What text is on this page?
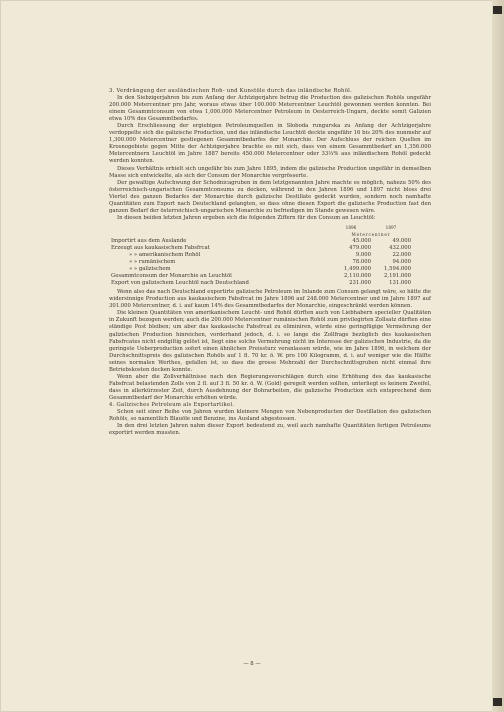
3. Verdrängung der ausländischen Roh- und Kunstöle durch das inländische Rohöl.

In den Siebzigerjahren bis zum Anfang der Achtzigerjahre betrug die Production des galizischen Rohöls ungefähr 200.000 Metercentner pro Jahr, woraus etwas über 100.000 Metercentner Leuchtöl gewonnen werden konnten. Bei einem Gesammtconsum von etwa 1,000.000 Metercentner Petroleum in Oesterreich-Ungarn, deckte somit Galizien etwa 10% des Gesammtbedarfes.

Durch Erschliessung der ergiebigen Petroleumquellen in Słoboda rungurska zu Anfang der Achtzigerjahre verdoppelte sich die galizische Production, und das inländische Leuchtöl deckte ungefähr 16 bis 20% des nunmehr auf 1,300.000 Metercentner gestiegenen Gesammtbedarfes der Monarchie. Der Aufschluss der reichen Quellen im Krosnogebiete gegen Mitte der Achtzigerjahre brachte es mit sich, dass von einem Gesammtbedarf an 1,356.000 Metercentnern Leuchtöl im Jahre 1887 bereits 450.000 Metercentner oder 33⅓% aus inländischem Rohöl gedeckt werden konnten.

Dieses Verhältnis erhielt sich ungefähr bis zum Jahre 1895, indem die galizische Production ungefähr in demselben Masse sich entwickelte, als sich der Consum der Monarchie vergrösserte.

Der gewaltige Aufschwung der Schodnicagruben in dem letztgenannten Jahre machte es möglich, nahezu 50% des österreichisch-ungarischen Gesammtconsums zu decken, während in den Jahren 1896 und 1897 nicht bloss drei Viertel des ganzen Bedarfes der Monarchie durch galizische Destillate gedeckt wurden, sondern noch namhafte Quantitäten zum Export nach Deutschland gelangten, so dass ohne diesen Export die galizische Production fast den ganzen Bedarf der österreichisch-ungarischen Monarchie zu befriedigen im Stande gewesen wäre.

In diesen beiden letzten Jahren ergeben sich die folgenden Ziffern für den Consum an Leuchtöl:

	1896	1897
	Metercentner	
Importirt aus dem Auslande	45.000	49.000
Erzeugt aus kaukasischem Fabsfrcat	479.000	432.000
» » amerikanischem Rohöl	9.000	22.000
» » rumänischem	78.000	94.000
» » galizischem	1,499.000	1,594.000
Gesammtconsum der Monarchie an Leuchtöl	2,110.000	2,191.000
Export von galizischem Leuchtöl nach Deutschland	231.000	131.000

Wenn also das nach Deutschland exportirte galizische Petroleum im Inlande zum Consum gelangt wäre, so hätte die widersinnige Production aus kaukasischem Fabsfrcat im Jahre 1896 auf 248.000 Metercentner und im Jahre 1897 auf 301.000 Metercentner, d. i. auf kaum 14% des Gesammtbedarfes der Monarchie, eingeschränkt werden können.

Die kleinen Quantitäten von amerikanischem Leucht- und Rohöl dürften auch von Liebhabern specieller Qualitäten in Zukunft bezogen werden; auch die 200.000 Metercentner rumänischen Rohöl zum privilegirten Zollsatz dürften eine ständige Post bleiben; um aber das kaukasische Fabsfrcat zu eliminiren, würde eine geringfügige Vermehrung der galizischen Production hinreichen, vorderhand jedoch, d. i. so lange die Zollfrage bezüglich des kaukasischen Fabsfrcates nicht endgiltig gelöst ist, liegt eine solche Vermehrung nicht im Interesse der galizischen Industrie, da die geringste Ueberproduction sofort einen ähnlichen Preissturz veranlassen würde, wie im Jahre 1896, in welchem der Durchschnittspreis des galizischen Rohöls auf 1 fl. 70 kr. ö. W. pro 100 Kilogramm, d. i. auf weniger wie die Hälfte seines normalen Werthes, gefallen ist, so dass die grosse Mehrzahl der Durchschnittsgruben nicht einmal ihre Betriebskosten decken konnte.

Wenn aber die Zollverhältnisse nach den Regierungsvorschlägen durch eine Erhöhung des das kaukasische Fabsfrcat belastenden Zolls von 2 fl. auf 3 fl. 50 kr. ö. W. (Gold) geregelt werden sollten, unterliegt es keinem Zweifel, dass in allerkürzester Zeit, durch Ausdehnung der Bohrarbeiten, die galizische Production sich entsprechend dem Gesammtbedarf der Monarchie erhöhen würde.

4. Galizisches Petroleum als Exportartikel.

Schon seit einer Reihe von Jahren wurden kleinere Mengen von Nebenproducten der Destillation des galizischen Rohöls, so namentlich Blauöle und Benzine, ins Ausland abgestossen.

In den drei letzten Jahren nahm dieser Export bedeutend zu, weil auch namhafte Quantitäten fertigen Petroleums exportirt werden mussten.

— 8 —
